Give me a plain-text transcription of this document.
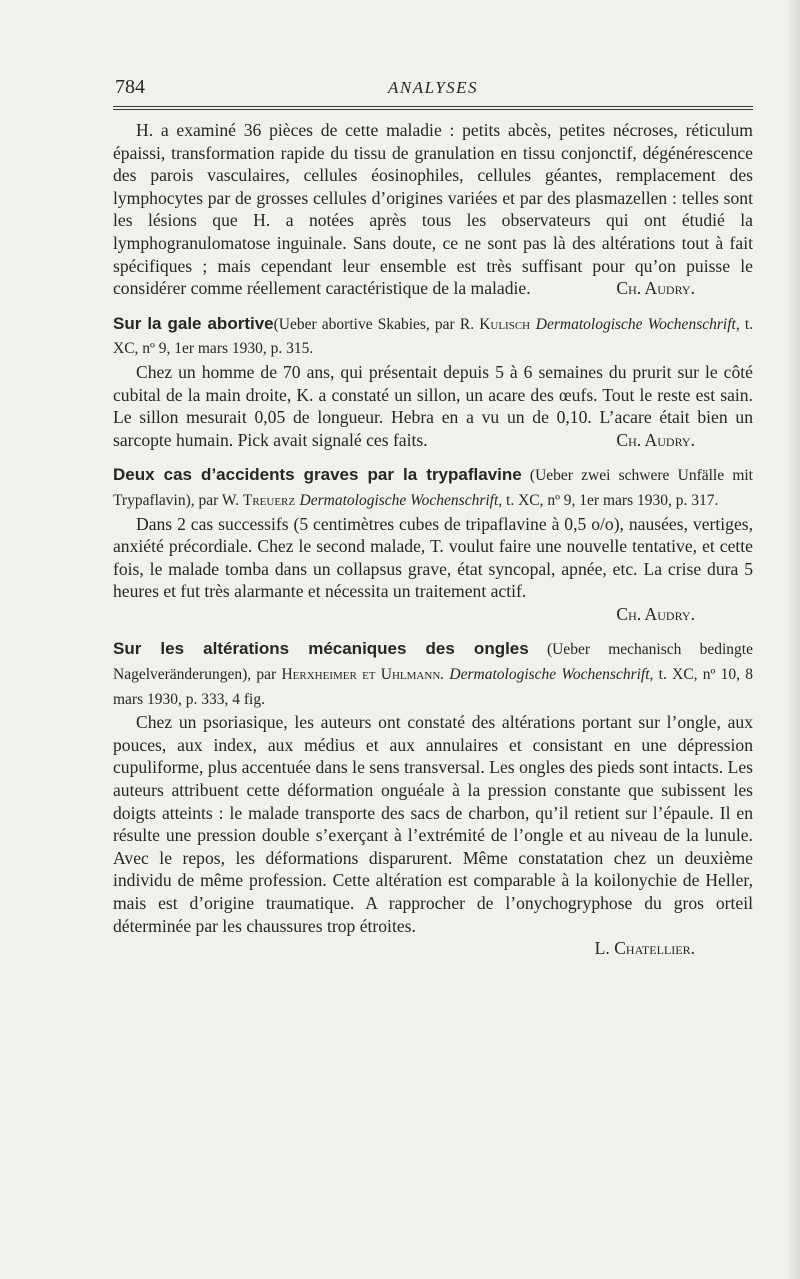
784	ANALYSES

H. a examiné 36 pièces de cette maladie : petits abcès, petites nécroses, réticulum épaissi, transformation rapide du tissu de granulation en tissu conjonctif, dégénérescence des parois vasculaires, cellules éosinophiles, cellules géantes, remplacement des lymphocytes par de grosses cellules d’origines variées et par des plasmazellen : telles sont les lésions que H. a notées après tous les observateurs qui ont étudié la lymphogranulomatose inguinale. Sans doute, ce ne sont pas là des altérations tout à fait spécifiques ; mais cependant leur ensemble est très suffisant pour qu’on puisse le considérer comme réellement caractéristique de la maladie.	Ch. Audry.

Sur la gale abortive(Ueber abortive Skabies, par R. Kulisch Dermatologische Wochenschrift, t. XC, nº 9, 1er mars 1930, p. 315.

Chez un homme de 70 ans, qui présentait depuis 5 à 6 semaines du prurit sur le côté cubital de la main droite, K. a constaté un sillon, un acare des œufs. Tout le reste est sain. Le sillon mesurait 0,05 de longueur. Hebra en a vu un de 0,10. L’acare était bien un sarcopte humain. Pick avait signalé ces faits.	Ch. Audry.

Deux cas d’accidents graves par la trypaflavine (Ueber zwei schwere Unfälle mit Trypaflavin), par W. Treuerz Dermatologische Wochenschrift, t. XC, nº 9, 1er mars 1930, p. 317.

Dans 2 cas successifs (5 centimètres cubes de tripaflavine à 0,5 o/o), nausées, vertiges, anxiété précordiale. Chez le second malade, T. voulut faire une nouvelle tentative, et cette fois, le malade tomba dans un collapsus grave, état syncopal, apnée, etc. La crise dura 5 heures et fut très alarmante et nécessita un traitement actif.

Ch. Audry.

Sur les altérations mécaniques des ongles (Ueber mechanisch bedingte Nagelveränderungen), par Herxheimer et Uhlmann. Dermatologische Wochenschrift, t. XC, nº 10, 8 mars 1930, p. 333, 4 fig.

Chez un psoriasique, les auteurs ont constaté des altérations portant sur l’ongle, aux pouces, aux index, aux médius et aux annulaires et consistant en une dépression cupuliforme, plus accentuée dans le sens transversal. Les ongles des pieds sont intacts. Les auteurs attribuent cette déformation onguéale à la pression constante que subissent les doigts atteints : le malade transporte des sacs de charbon, qu’il retient sur l’épaule. Il en résulte une pression double s’exerçant à l’extrémité de l’ongle et au niveau de la lunule. Avec le repos, les déformations disparurent. Même constatation chez un deuxième individu de même profession. Cette altération est comparable à la koilonychie de Heller, mais est d’origine traumatique. A rapprocher de l’onychogryphose du gros orteil déterminée par les chaussures trop étroites.

L. Chatellier.
